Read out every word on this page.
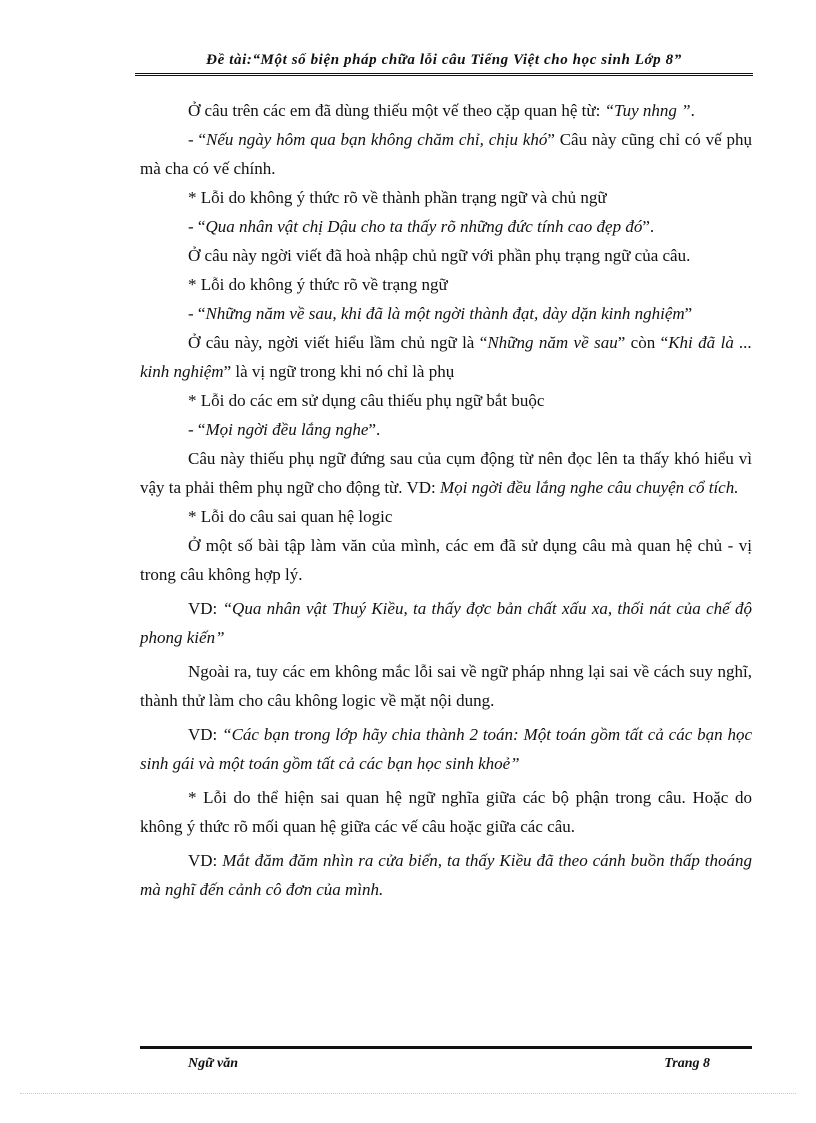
Đề tài:“Một số biện pháp chữa lỗi câu Tiếng Việt cho học sinh Lớp 8”

Ở câu trên các em đã dùng thiếu một vế theo cặp quan hệ từ: “Tuy nhng ”.

- “Nếu ngày hôm qua bạn không chăm chỉ, chịu khó” Câu này cũng chỉ có vế phụ mà cha có vế chính.

* Lỗi do không ý thức rõ về thành phần trạng ngữ và chủ ngữ

- “Qua nhân vật chị Dậu cho ta thấy rõ những đức tính cao đẹp đó”.

Ở câu này ngời viết đã hoà nhập chủ ngữ với phần phụ trạng ngữ của câu.

* Lỗi do không ý thức rõ về trạng ngữ

- “Những năm về sau, khi đã là một ngời thành đạt, dày dặn kinh nghiệm”

Ở câu này, ngời viết hiểu lầm chủ ngữ là “Những năm về sau” còn “Khi đã là ... kinh nghiệm” là vị ngữ trong khi nó chỉ là phụ

* Lỗi do các em sử dụng câu thiếu phụ ngữ bắt buộc

- “Mọi ngời đều lắng nghe”.

Câu này thiếu phụ ngữ đứng sau của cụm động từ nên đọc lên ta thấy khó hiểu vì vậy ta phải thêm phụ ngữ cho động từ. VD: Mọi ngời đều lắng nghe câu chuyện cổ tích.

* Lỗi do câu sai quan hệ logic

Ở một số bài tập làm văn của mình, các em đã sử dụng câu mà quan hệ chủ - vị trong câu không hợp lý.

VD: “Qua nhân vật Thuý Kiều, ta thấy đợc bản chất xấu xa, thối nát của chế độ phong kiến”

Ngoài ra, tuy các em không mắc lỗi sai về ngữ pháp nhng lại sai về cách suy nghĩ, thành thử làm cho câu không logic về mặt nội dung.

VD: “Các bạn trong lớp hãy chia thành 2 toán: Một toán gồm tất cả các bạn học sinh gái và một toán gồm tất cả các bạn học sinh khoẻ”

* Lỗi do thể hiện sai quan hệ ngữ nghĩa giữa các bộ phận trong câu. Hoặc do không ý thức rõ mối quan hệ giữa các vế câu hoặc giữa các câu.

VD: Mắt đăm đăm nhìn ra cửa biển, ta thấy Kiều đã theo cánh buồn thấp thoáng mà nghĩ đến cảnh cô đơn của mình.

Ngữ văn	Trang 8
